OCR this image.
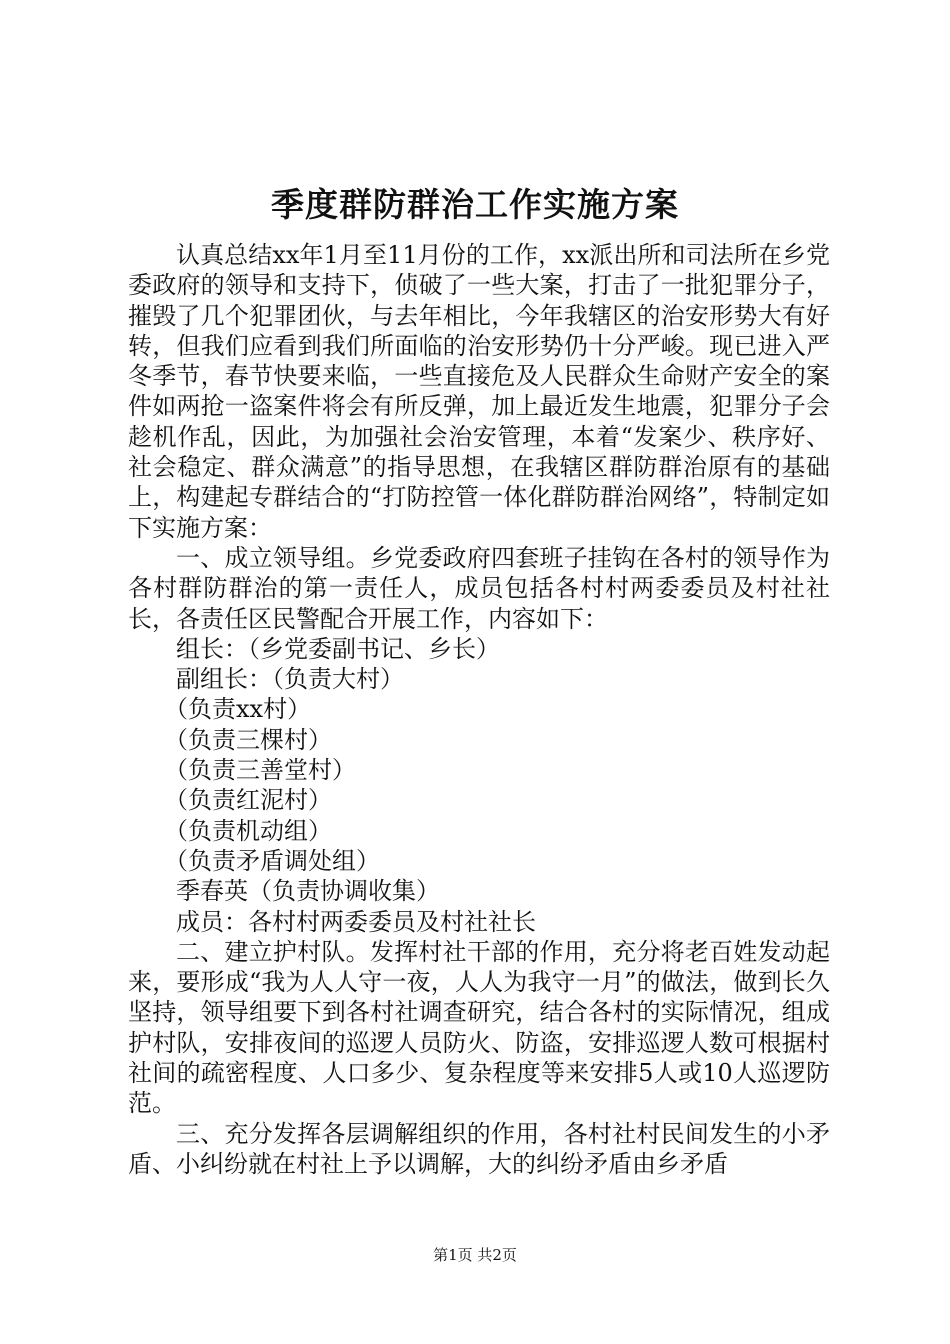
季度群防群治工作实施方案

认真总结xx年1月至11月份的工作，xx派出所和司法所在乡党委政府的领导和支持下，侦破了一些大案，打击了一批犯罪分子，摧毁了几个犯罪团伙，与去年相比，今年我辖区的治安形势大有好转，但我们应看到我们所面临的治安形势仍十分严峻。现已进入严冬季节，春节快要来临，一些直接危及人民群众生命财产安全的案件如两抢一盗案件将会有所反弹，加上最近发生地震，犯罪分子会趁机作乱，因此，为加强社会治安管理，本着“发案少、秩序好、社会稳定、群众满意”的指导思想，在我辖区群防群治原有的基础上，构建起专群结合的“打防控管一体化群防群治网络”，特制定如下实施方案：

一、成立领导组。乡党委政府四套班子挂钩在各村的领导作为各村群防群治的第一责任人，成员包括各村村两委委员及村社社长，各责任区民警配合开展工作，内容如下：

组长：（乡党委副书记、乡长）

副组长：（负责大村）

（负责xx村）

（负责三棵村）

（负责三善堂村）

（负责红泥村）

（负责机动组）

（负责矛盾调处组）

季春英（负责协调收集）

成员：各村村两委委员及村社社长

二、建立护村队。发挥村社干部的作用，充分将老百姓发动起来，要形成“我为人人守一夜，人人为我守一月”的做法，做到长久坚持，领导组要下到各村社调查研究，结合各村的实际情况，组成护村队，安排夜间的巡逻人员防火、防盗，安排巡逻人数可根据村社间的疏密程度、人口多少、复杂程度等来安排5人或10人巡逻防范。

三、充分发挥各层调解组织的作用，各村社村民间发生的小矛盾、小纠纷就在村社上予以调解，大的纠纷矛盾由乡矛盾

第1页 共2页
